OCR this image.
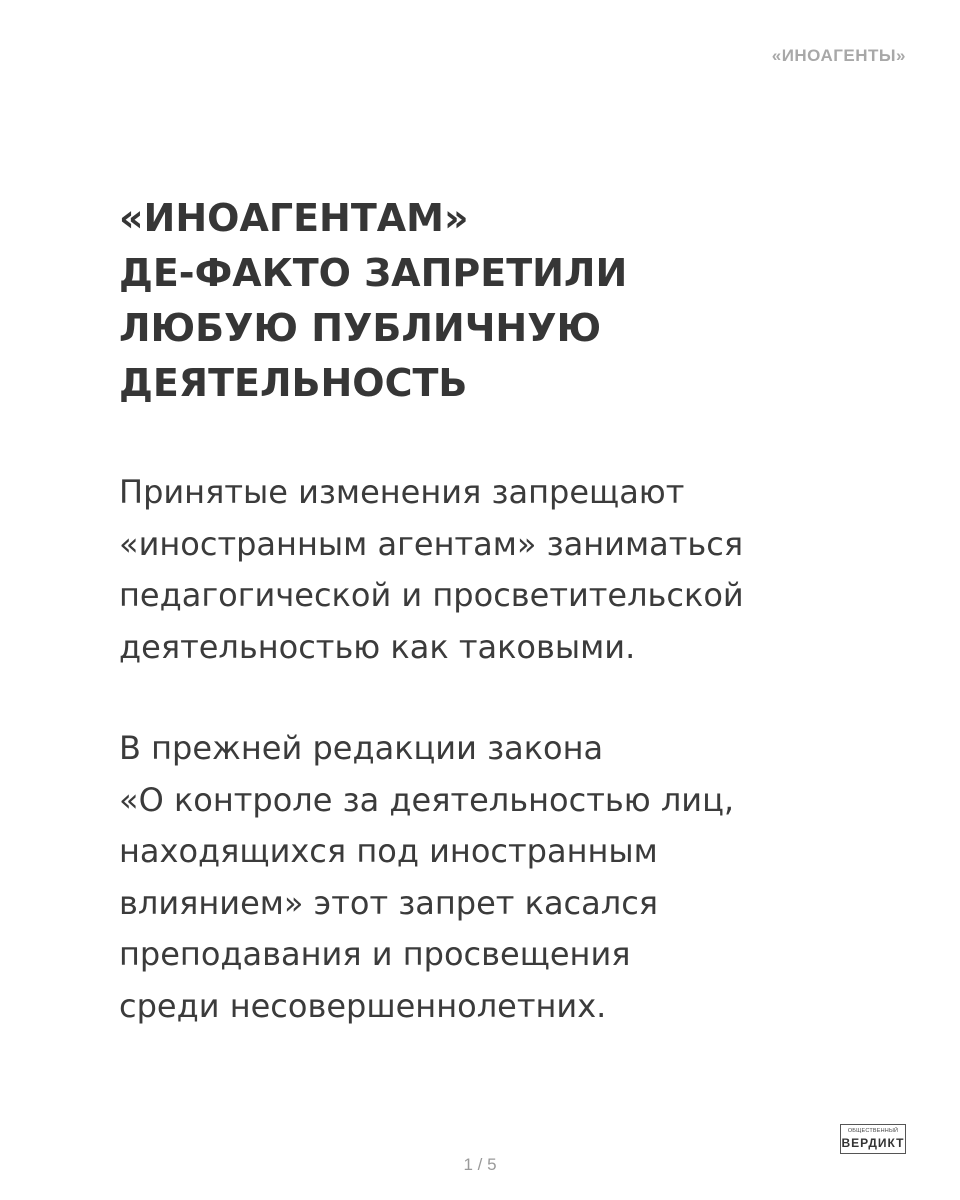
«ИНОАГЕНТЫ»

«ИНОАГЕНТАМ»
ДЕ-ФАКТО ЗАПРЕТИЛИ
ЛЮБУЮ ПУБЛИЧНУЮ
ДЕЯТЕЛЬНОСТЬ

Принятые изменения запрещают
«иностранным агентам» заниматься
педагогической и просветительской
деятельностью как таковыми.

В прежней редакции закона
«О контроле за деятельностью лиц,
находящихся под иностранным
влиянием» этот запрет касался
преподавания и просвещения
среди несовершеннолетних.

1 / 5

ОБЩЕСТВЕННЫЙ
ВЕРДИКТ
